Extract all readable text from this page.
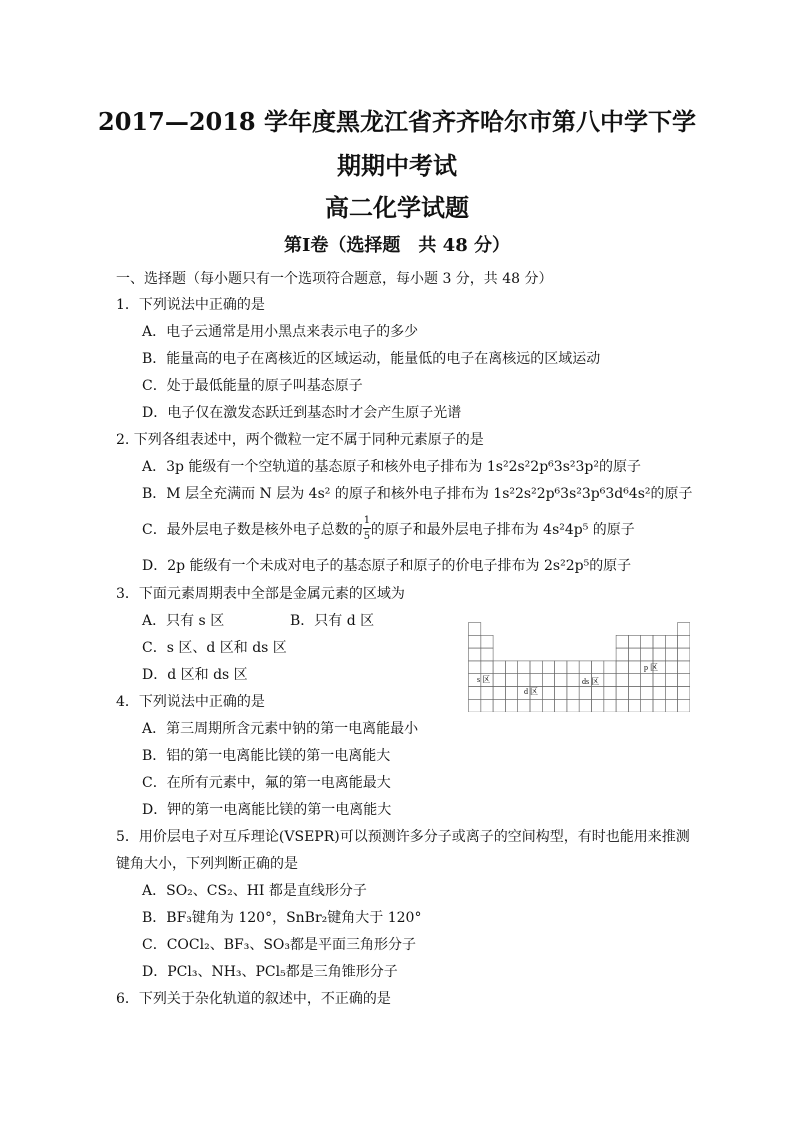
2017—2018 学年度黑龙江省齐齐哈尔市第八中学下学
期期中考试
高二化学试题
第Ⅰ卷（选择题　共 48 分）
一、选择题（每小题只有一个选项符合题意，每小题 3 分，共 48 分）
1．下列说法中正确的是
A．电子云通常是用小黑点来表示电子的多少
B．能量高的电子在离核近的区域运动，能量低的电子在离核远的区域运动
C．处于最低能量的原子叫基态原子
D．电子仅在激发态跃迁到基态时才会产生原子光谱
2. 下列各组表述中，两个微粒一定不属于同种元素原子的是
A．3p 能级有一个空轨道的基态原子和核外电子排布为 1s²2s²2p⁶3s²3p²的原子
B．M 层全充满而 N 层为 4s² 的原子和核外电子排布为 1s²2s²2p⁶3s²3p⁶3d⁶4s²的原子
C．最外层电子数是核外电子总数的 $\frac{1}{5}$ 的原子和最外层电子排布为 4s²4p⁵ 的原子
D．2p 能级有一个未成对电子的基态原子和原子的价电子排布为 2s²2p⁵的原子
3．下面元素周期表中全部是金属元素的区域为
A．只有 s 区	B．只有 d 区
C．s 区、d 区和 ds 区
D．d 区和 ds 区	s 区
d 区
ds 区
p 区
4．下列说法中正确的是
A．第三周期所含元素中钠的第一电离能最小
B．铝的第一电离能比镁的第一电离能大
C．在所有元素中，氟的第一电离能最大
D．钾的第一电离能比镁的第一电离能大
5．用价层电子对互斥理论(VSEPR)可以预测许多分子或离子的空间构型，有时也能用来推测
键角大小，下列判断正确的是
A．SO₂、CS₂、HI 都是直线形分子
B．BF₃键角为 120°，SnBr₂键角大于 120°
C．COCl₂、BF₃、SO₃都是平面三角形分子
D．PCl₃、NH₃、PCl₅都是三角锥形分子
6．下列关于杂化轨道的叙述中，不正确的是
